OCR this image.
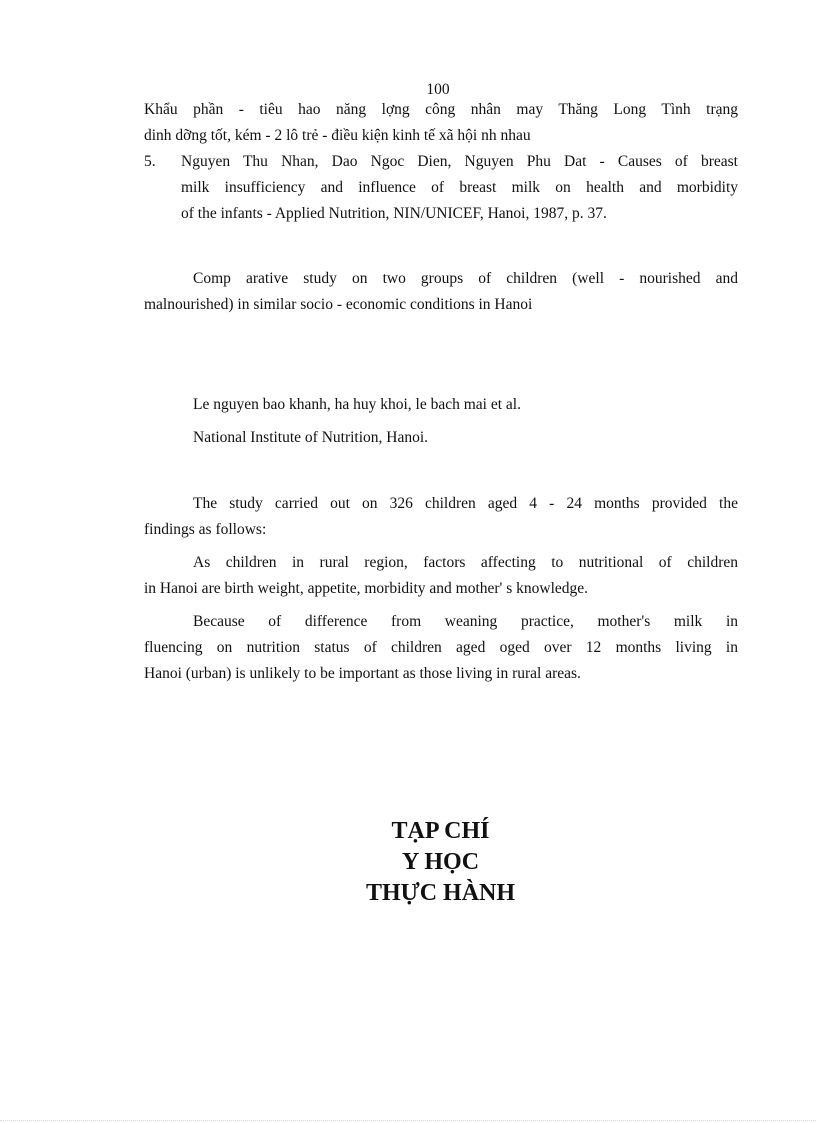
100
Khẩu phần - tiêu hao năng lợng công nhân may Thăng Long Tình trạng
dinh dỡng tốt, kém - 2 lô trẻ - điều kiện kinh tế xã hội nh nhau
5. Nguyen Thu Nhan, Dao Ngoc Dien, Nguyen Phu Dat - Causes of breast
milk insufficiency and influence of breast milk on health and morbidity
of the infants - Applied Nutrition, NIN/UNICEF, Hanoi, 1987, p. 37.
Comp arative study on two groups of children (well - nourished and
malnourished) in similar socio - economic conditions in Hanoi
Le nguyen bao khanh, ha huy khoi, le bach mai et al.
National Institute of Nutrition, Hanoi.
The study carried out on 326 children aged 4 - 24 months provided the
findings as follows:
As children in rural region, factors affecting to nutritional of children
in Hanoi are birth weight, appetite, morbidity and mother' s knowledge.
Because of difference from weaning practice, mother's milk in
fluencing on nutrition status of children aged oged over 12 months living in
Hanoi (urban) is unlikely to be important as those living in rural areas.
TẠP CHÍ
Y HỌC
THỰC HÀNH
